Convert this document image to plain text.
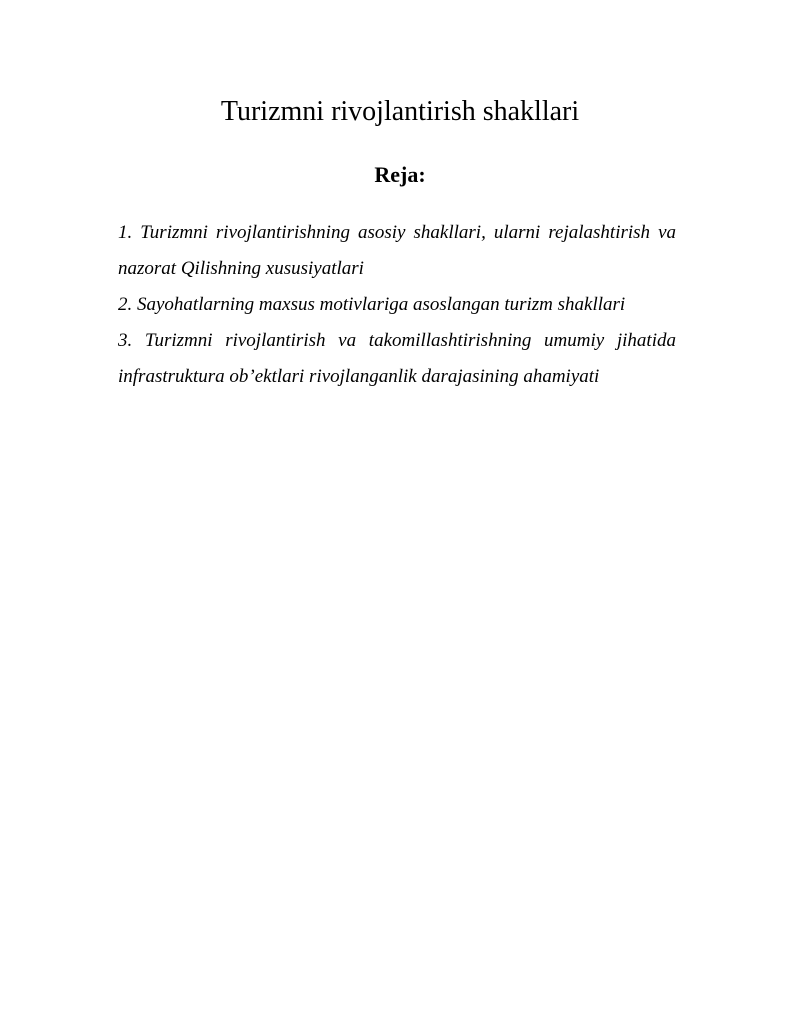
Turizmni rivojlantirish shakllari
Reja:
1. Turizmni rivojlantirishning asosiy shakllari, ularni rejalashtirish va nazorat Qilishning xususiyatlari
2. Sayohatlarning maxsus motivlariga asoslangan turizm shakllari
3. Turizmni rivojlantirish va takomillashtirishning umumiy jihatida infrastruktura ob’ektlari rivojlanganlik darajasining ahamiyati
